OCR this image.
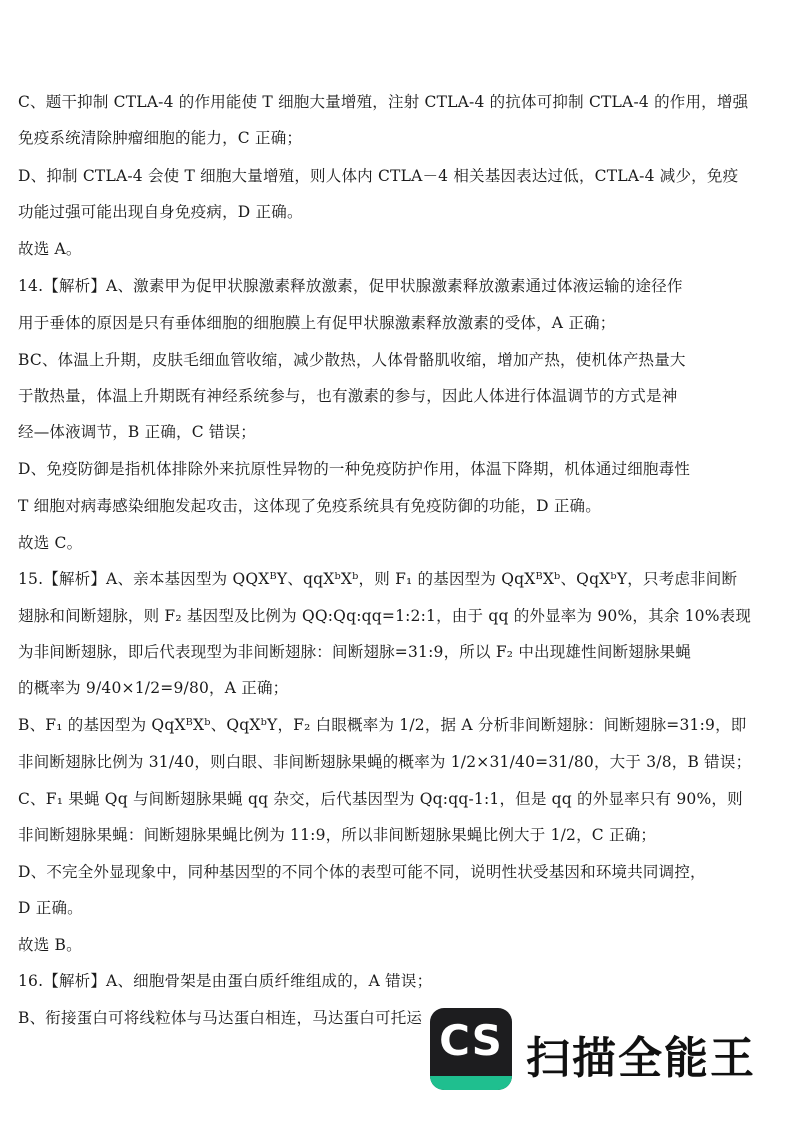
C、题干抑制 CTLA-4 的作用能使 T 细胞大量增殖，注射 CTLA-4 的抗体可抑制 CTLA-4 的作用，增强
免疫系统清除肿瘤细胞的能力，C 正确；
D、抑制 CTLA-4 会使 T 细胞大量增殖，则人体内 CTLA－4 相关基因表达过低，CTLA-4 减少，免疫
功能过强可能出现自身免疫病，D 正确。
故选 A。
14.【解析】A、激素甲为促甲状腺激素释放激素，促甲状腺激素释放激素通过体液运输的途径作
用于垂体的原因是只有垂体细胞的细胞膜上有促甲状腺激素释放激素的受体，A 正确；
BC、体温上升期，皮肤毛细血管收缩，减少散热，人体骨骼肌收缩，增加产热，使机体产热量大
于散热量，体温上升期既有神经系统参与，也有激素的参与，因此人体进行体温调节的方式是神
经—体液调节，B 正确，C 错误；
D、免疫防御是指机体排除外来抗原性异物的一种免疫防护作用，体温下降期，机体通过细胞毒性
T 细胞对病毒感染细胞发起攻击，这体现了免疫系统具有免疫防御的功能，D 正确。
故选 C。
15.【解析】A、亲本基因型为 QQXᴮY、qqXᵇXᵇ，则 F₁ 的基因型为 QqXᴮXᵇ、QqXᵇY，只考虑非间断
翅脉和间断翅脉，则 F₂ 基因型及比例为 QQ:Qq:qq=1:2:1，由于 qq 的外显率为 90%，其余 10%表现
为非间断翅脉，即后代表现型为非间断翅脉：间断翅脉=31:9，所以 F₂ 中出现雄性间断翅脉果蝇
的概率为 9/40×1/2=9/80，A 正确；
B、F₁ 的基因型为 QqXᴮXᵇ、QqXᵇY，F₂ 白眼概率为 1/2，据 A 分析非间断翅脉：间断翅脉=31:9，即
非间断翅脉比例为 31/40，则白眼、非间断翅脉果蝇的概率为 1/2×31/40=31/80，大于 3/8，B 错误；
C、F₁ 果蝇 Qq 与间断翅脉果蝇 qq 杂交，后代基因型为 Qq:qq-1:1，但是 qq 的外显率只有 90%，则
非间断翅脉果蝇：间断翅脉果蝇比例为 11:9，所以非间断翅脉果蝇比例大于 1/2，C 正确；
D、不完全外显现象中，同种基因型的不同个体的表型可能不同，说明性状受基因和环境共同调控，
D 正确。
故选 B。
16.【解析】A、细胞骨架是由蛋白质纤维组成的，A 错误；
B、衔接蛋白可将线粒体与马达蛋白相连，马达蛋白可托运 CS 扫描全能王
